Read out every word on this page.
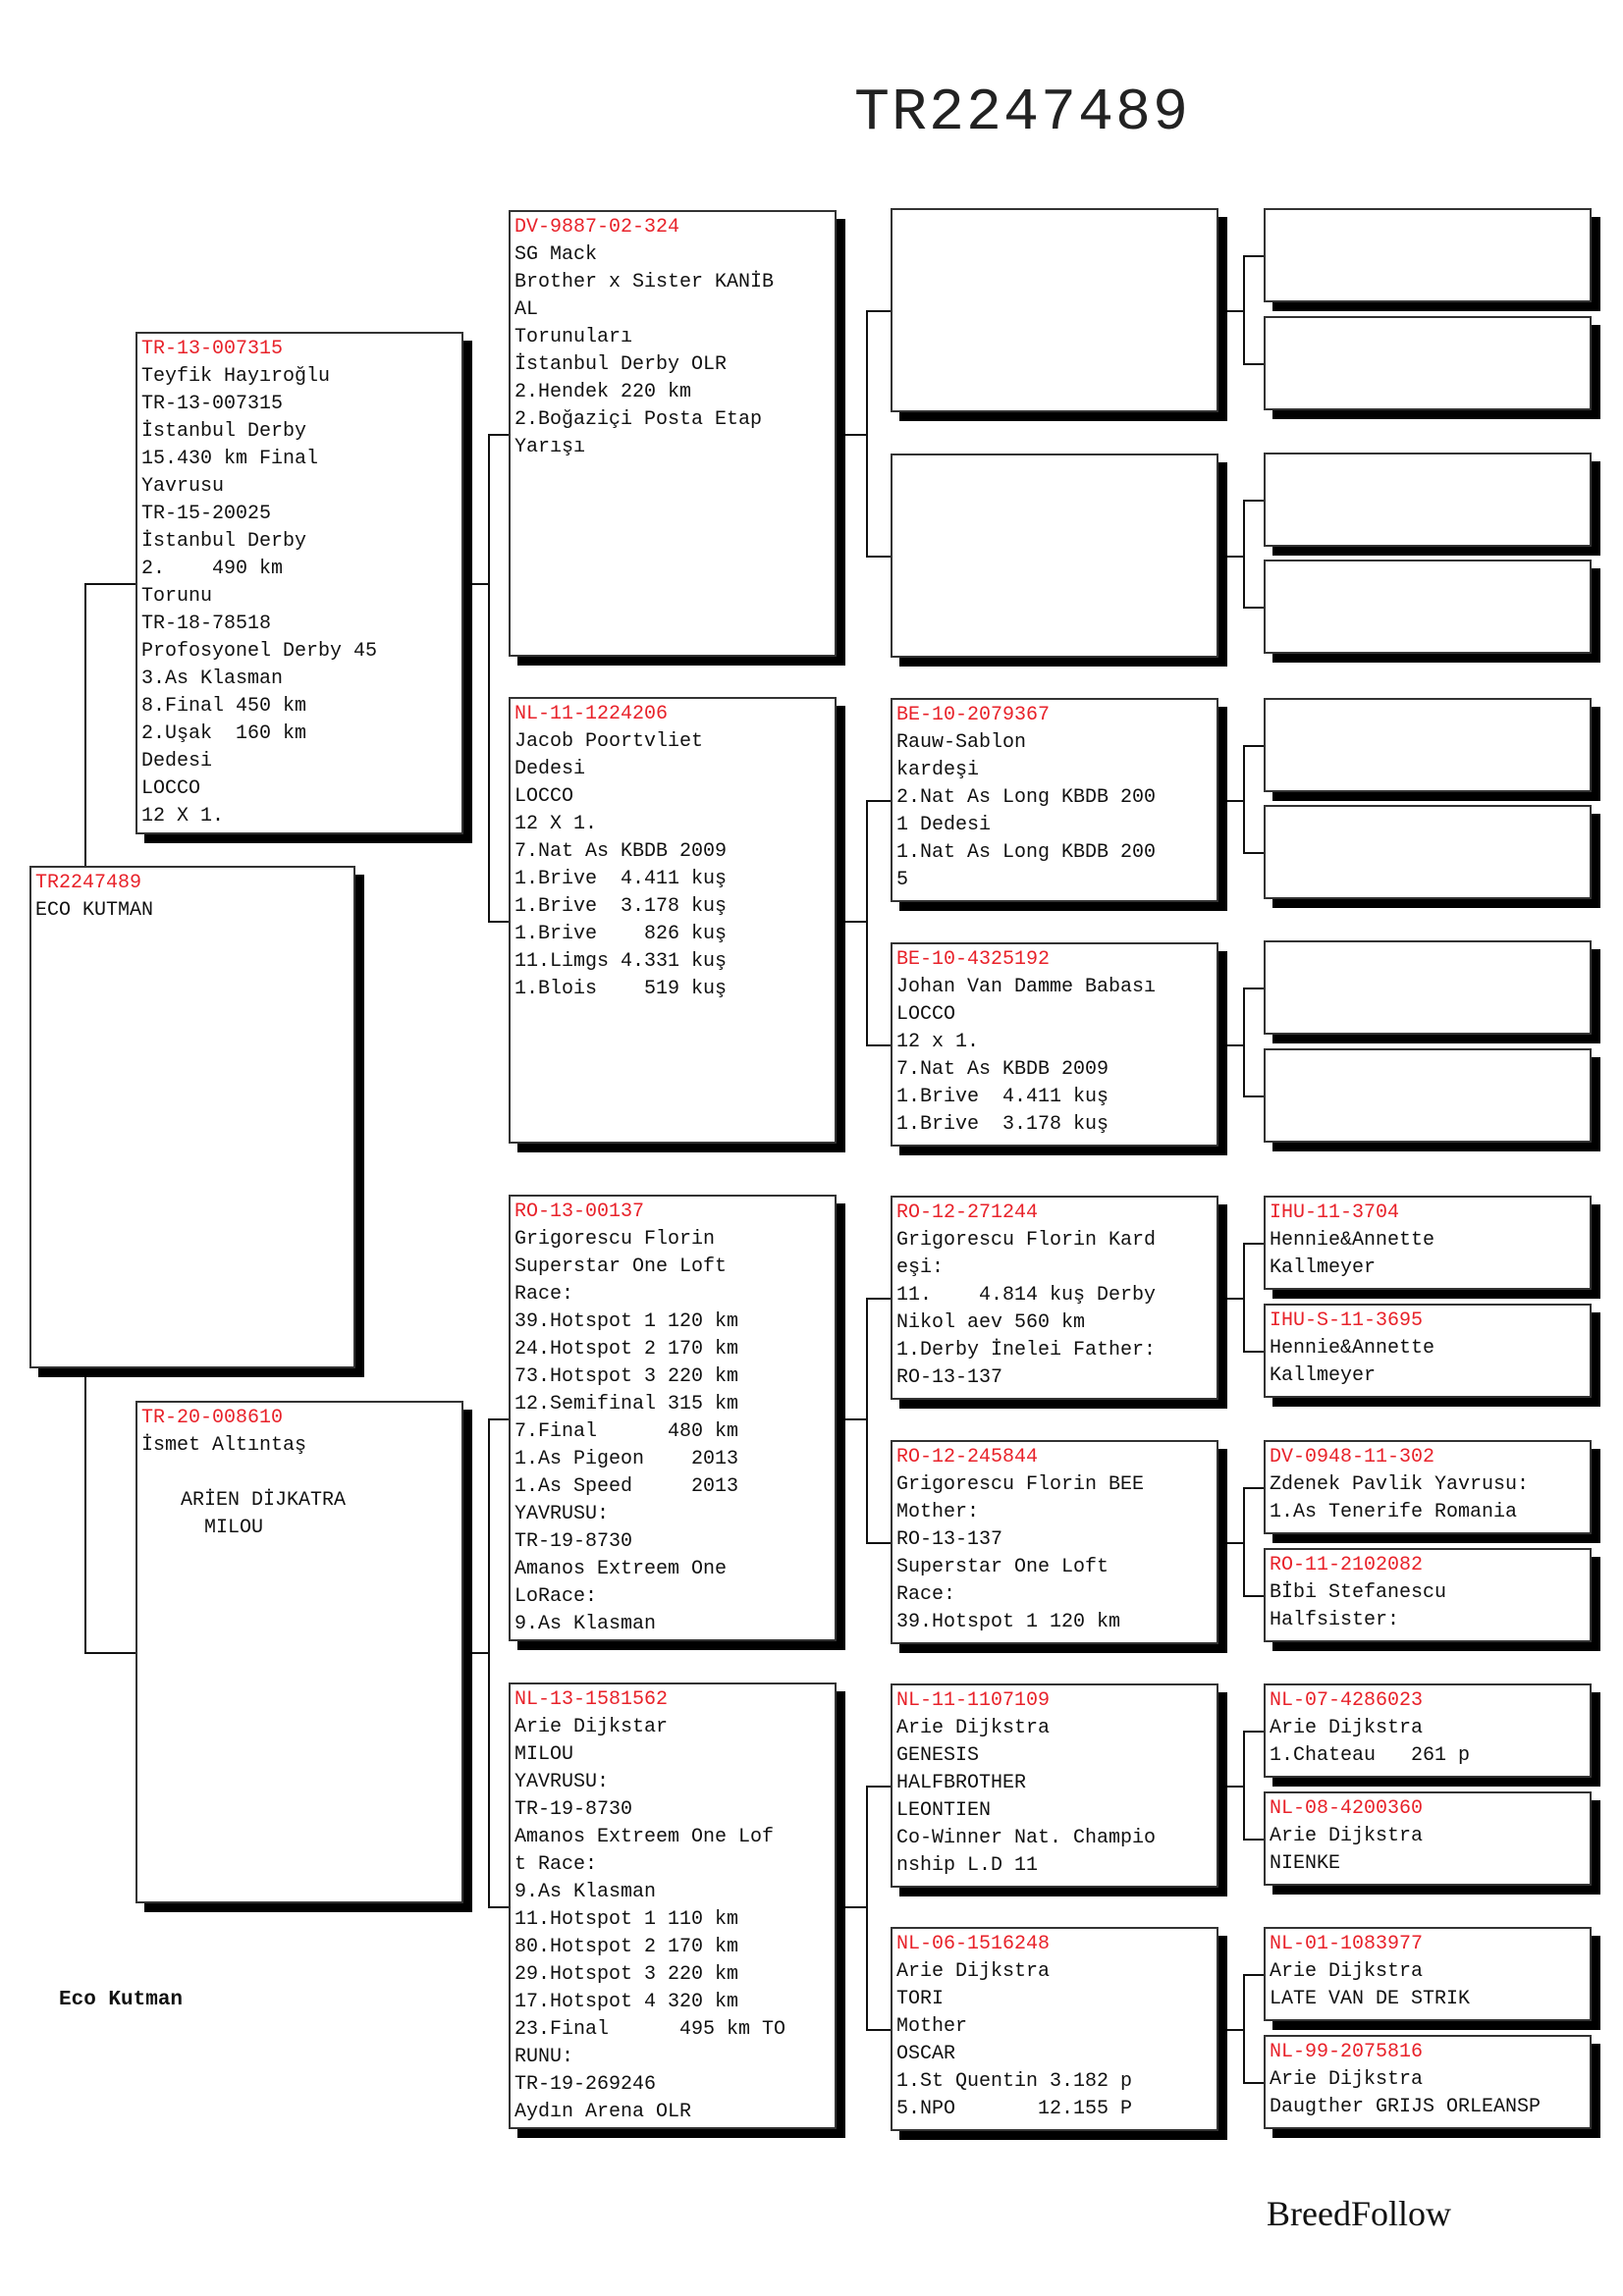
TR2247489
TR2247489
ECO KUTMAN
TR-13-007315
Teyfik Hayıroğlu
TR-13-007315
İstanbul Derby
15.430 km Final
Yavrusu
TR-15-20025
İstanbul Derby
2.    490 km
Torunu
TR-18-78518
Profosyonel Derby 45
3.As Klasman
8.Final 450 km
2.Uşak  160 km
Dedesi
LOCCO
12 X 1.
TR-20-008610
İsmet Altıntaş

ARİEN DİJKATRA
MILOU
DV-9887-02-324
SG Mack
Brother x Sister KANİB
AL
Torunuları
İstanbul Derby OLR
2.Hendek 220 km
2.Boğaziçi Posta Etap
Yarışı
NL-11-1224206
Jacob Poortvliet
Dedesi
LOCCO
12 X 1.
7.Nat As KBDB 2009
1.Brive  4.411 kuş
1.Brive  3.178 kuş
1.Brive    826 kuş
11.Limgs 4.331 kuş
1.Blois    519 kuş
RO-13-00137
Grigorescu Florin
Superstar One Loft
Race:
39.Hotspot 1 120 km
24.Hotspot 2 170 km
73.Hotspot 3 220 km
12.Semifinal 315 km
7.Final      480 km
1.As Pigeon    2013
1.As Speed     2013
YAVRUSU:
TR-19-8730
Amanos Extreem One
LoRace:
9.As Klasman
NL-13-1581562
Arie Dijkstar
MILOU
YAVRUSU:
TR-19-8730
Amanos Extreem One Lof
t Race:
9.As Klasman
11.Hotspot 1 110 km
80.Hotspot 2 170 km
29.Hotspot 3 220 km
17.Hotspot 4 320 km
23.Final      495 km TO
RUNU:
TR-19-269246
Aydın Arena OLR
BE-10-2079367
Rauw-Sablon
kardeşi
2.Nat As Long KBDB 200
1 Dedesi
1.Nat As Long KBDB 200
5
BE-10-4325192
Johan Van Damme Babası
LOCCO
12 x 1.
7.Nat As KBDB 2009
1.Brive  4.411 kuş
1.Brive  3.178 kuş
RO-12-271244
Grigorescu Florin Kard
eşi:
11.    4.814 kuş Derby
Nikol aev 560 km
1.Derby İnelei Father:
RO-13-137
RO-12-245844
Grigorescu Florin BEE
Mother:
RO-13-137
Superstar One Loft
Race:
39.Hotspot 1 120 km
NL-11-1107109
Arie Dijkstra
GENESIS
HALFBROTHER
LEONTIEN
Co-Winner Nat. Champio
nship L.D 11
NL-06-1516248
Arie Dijkstra
TORI
Mother
OSCAR
1.St Quentin 3.182 p
5.NPO       12.155 P
IHU-11-3704
Hennie&Annette
Kallmeyer
IHU-S-11-3695
Hennie&Annette
Kallmeyer
DV-0948-11-302
Zdenek Pavlik Yavrusu:
1.As Tenerife Romania
RO-11-2102082
Bİbi Stefanescu
Halfsister:
NL-07-4286023
Arie Dijkstra
1.Chateau   261 p
NL-08-4200360
Arie Dijkstra
NIENKE
NL-01-1083977
Arie Dijkstra
LATE VAN DE STRIK
NL-99-2075816
Arie Dijkstra
Daugther GRIJS ORLEANSP
Eco Kutman
BreedFollow
